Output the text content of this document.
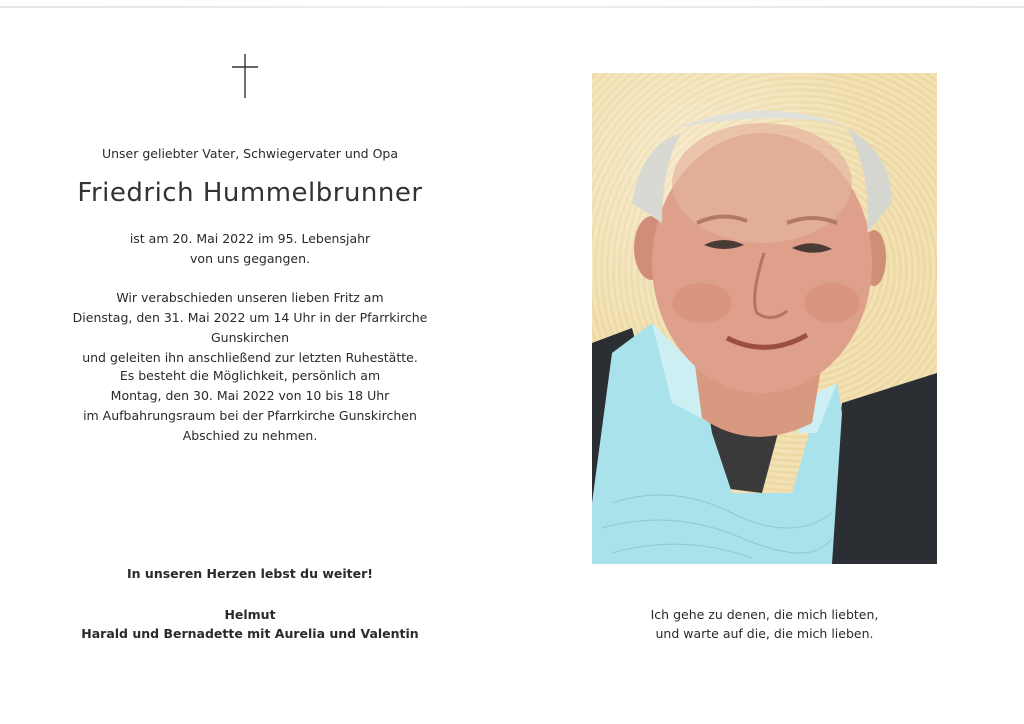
Unser geliebter Vater, Schwiegervater und Opa
Friedrich Hummelbrunner
ist am 20. Mai 2022 im 95. Lebensjahr
von uns gegangen.
Wir verabschieden unseren lieben Fritz am
Dienstag, den 31. Mai 2022 um 14 Uhr in der Pfarrkirche Gunskirchen
und geleiten ihn anschließend zur letzten Ruhestätte.
Es besteht die Möglichkeit, persönlich am
Montag, den 30. Mai 2022 von 10 bis 18 Uhr
im Aufbahrungsraum bei der Pfarrkirche Gunskirchen
Abschied zu nehmen.
In unseren Herzen lebst du weiter!
Helmut
Harald und Bernadette mit Aurelia und Valentin
Ich gehe zu denen, die mich liebten,
und warte auf die, die mich lieben.
